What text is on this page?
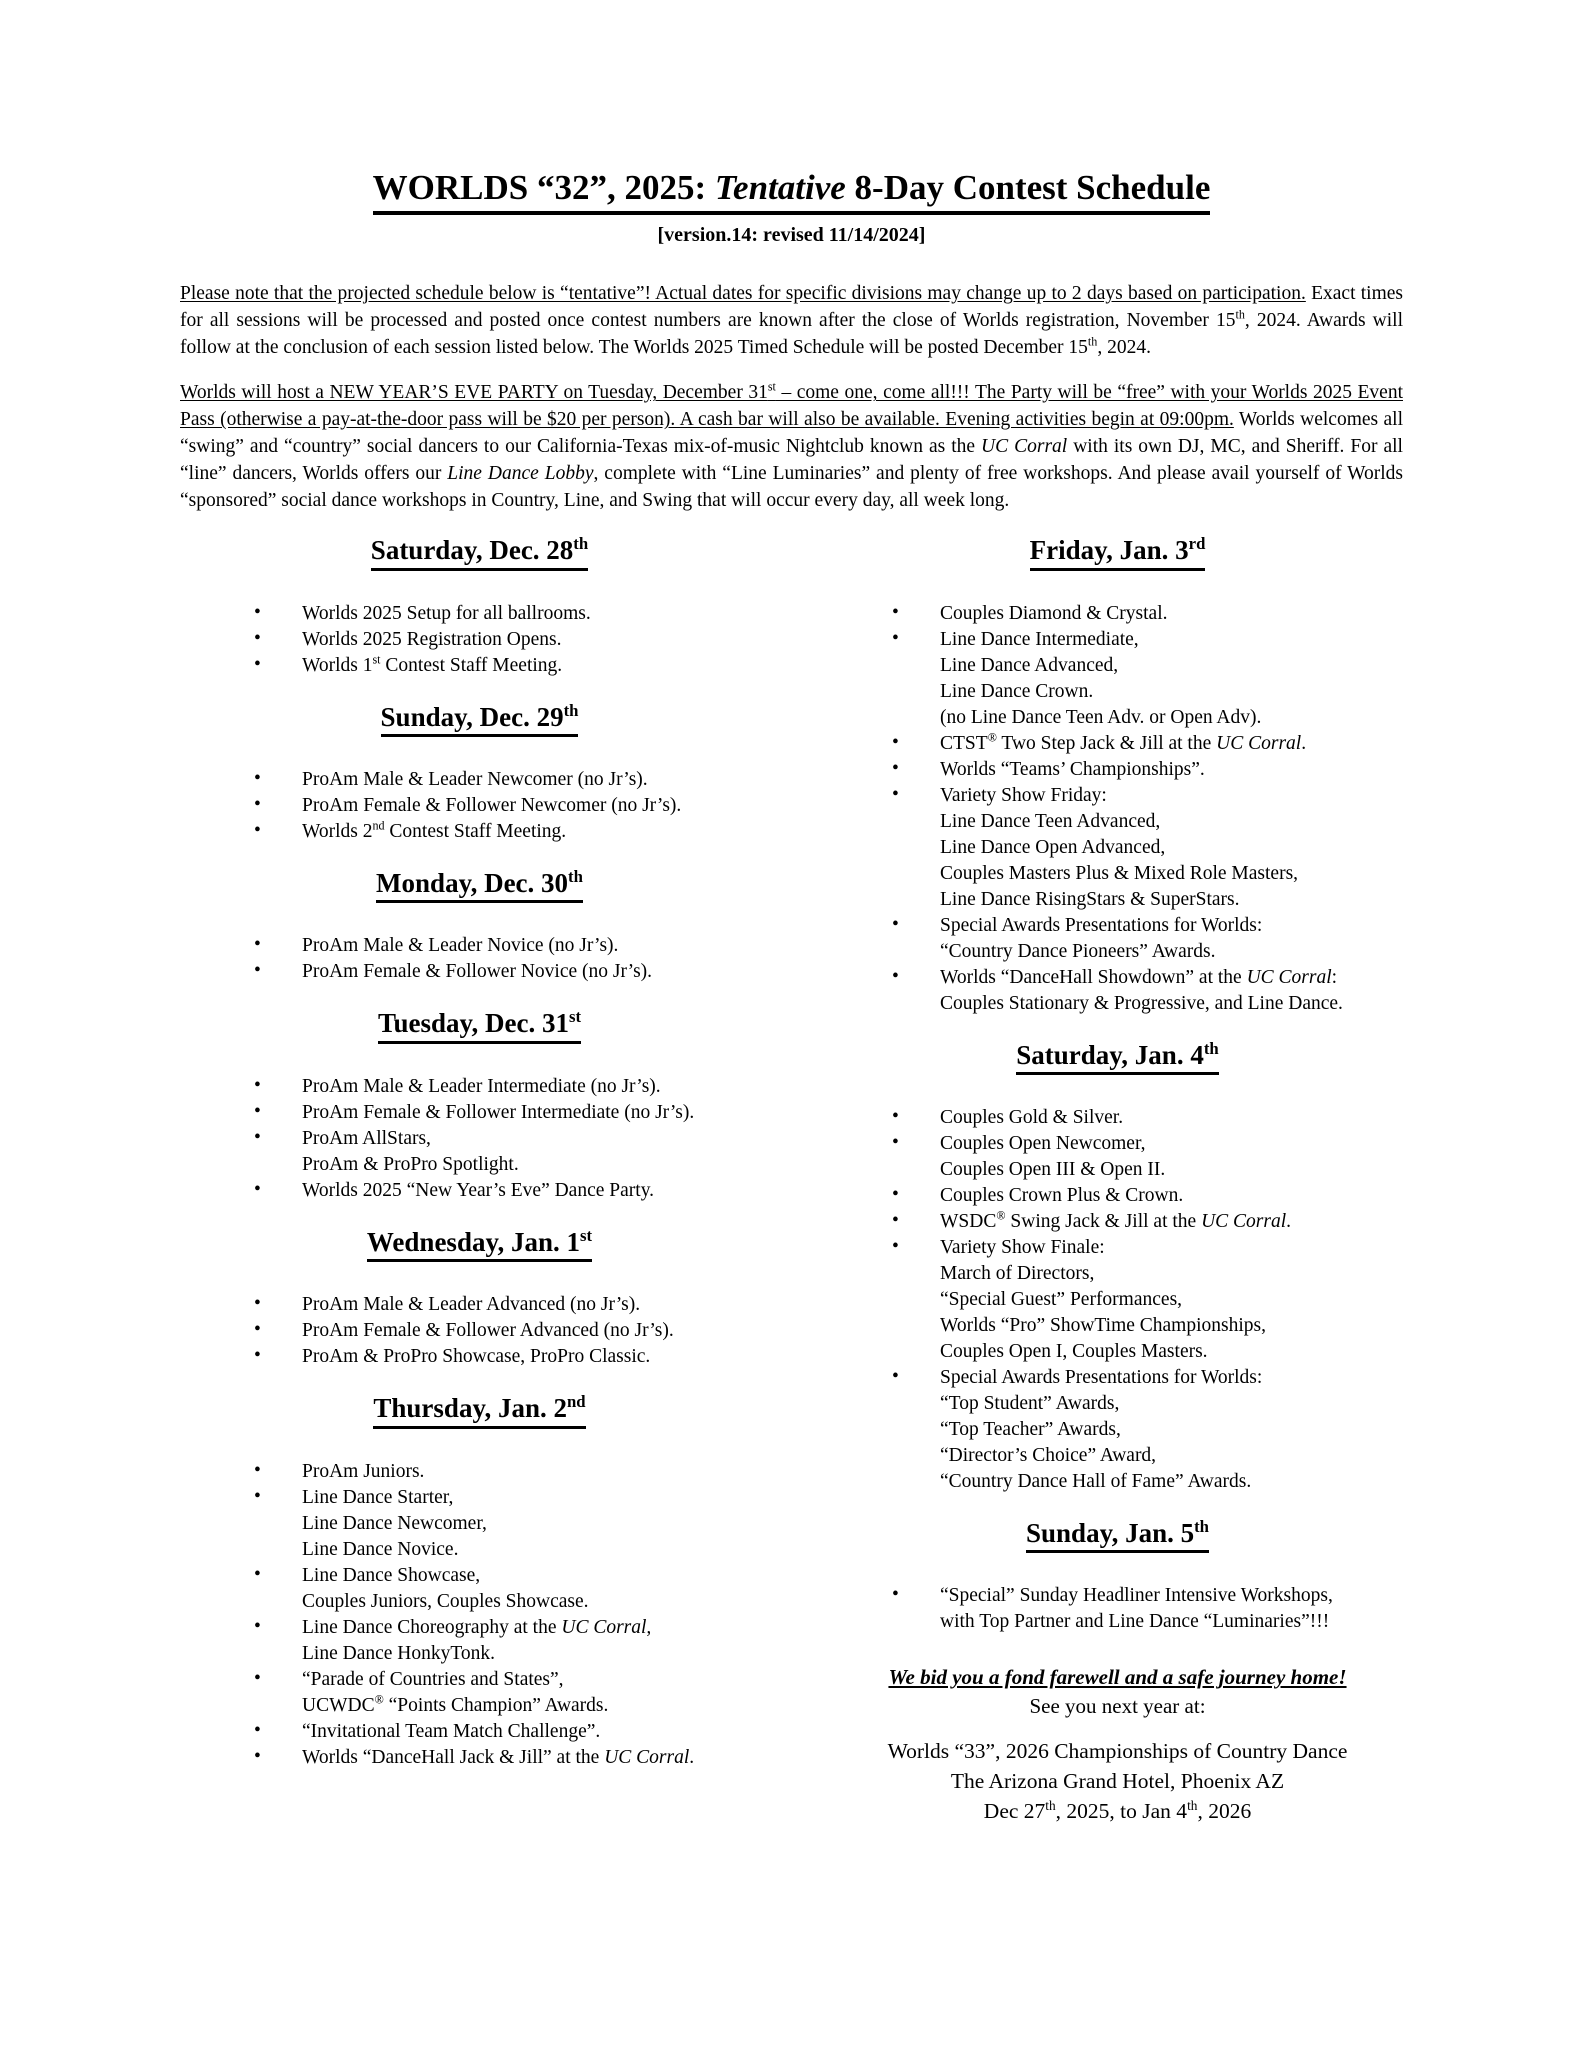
WORLDS “32”, 2025: Tentative 8-Day Contest Schedule
[version.14: revised 11/14/2024]

Please note that the projected schedule below is “tentative”! Actual dates for specific divisions may change up to 2 days based on participation. Exact times for all sessions will be processed and posted once contest numbers are known after the close of Worlds registration, November 15th, 2024. Awards will follow at the conclusion of each session listed below. The Worlds 2025 Timed Schedule will be posted December 15th, 2024.

Worlds will host a NEW YEAR’S EVE PARTY on Tuesday, December 31st – come one, come all!!! The Party will be “free” with your Worlds 2025 Event Pass (otherwise a pay-at-the-door pass will be $20 per person). A cash bar will also be available. Evening activities begin at 09:00pm. Worlds welcomes all “swing” and “country” social dancers to our California-Texas mix-of-music Nightclub known as the UC Corral with its own DJ, MC, and Sheriff. For all “line” dancers, Worlds offers our Line Dance Lobby, complete with “Line Luminaries” and plenty of free workshops. And please avail yourself of Worlds “sponsored” social dance workshops in Country, Line, and Swing that will occur every day, all week long.

Saturday, Dec. 28th
• Worlds 2025 Setup for all ballrooms.
• Worlds 2025 Registration Opens.
• Worlds 1st Contest Staff Meeting.
Sunday, Dec. 29th
• ProAm Male & Leader Newcomer (no Jr’s).
• ProAm Female & Follower Newcomer (no Jr’s).
• Worlds 2nd Contest Staff Meeting.
Monday, Dec. 30th
• ProAm Male & Leader Novice (no Jr’s).
• ProAm Female & Follower Novice (no Jr’s).
Tuesday, Dec. 31st
• ProAm Male & Leader Intermediate (no Jr’s).
• ProAm Female & Follower Intermediate (no Jr’s).
• ProAm AllStars,
ProAm & ProPro Spotlight.
• Worlds 2025 “New Year’s Eve” Dance Party.
Wednesday, Jan. 1st
• ProAm Male & Leader Advanced (no Jr’s).
• ProAm Female & Follower Advanced (no Jr’s).
• ProAm & ProPro Showcase, ProPro Classic.
Thursday, Jan. 2nd
• ProAm Juniors.
• Line Dance Starter,
Line Dance Newcomer,
Line Dance Novice.
• Line Dance Showcase,
Couples Juniors, Couples Showcase.
• Line Dance Choreography at the UC Corral,
Line Dance HonkyTonk.
• “Parade of Countries and States”,
UCWDC® “Points Champion” Awards.
• “Invitational Team Match Challenge”.
• Worlds “DanceHall Jack & Jill” at the UC Corral.
Friday, Jan. 3rd
• Couples Diamond & Crystal.
• Line Dance Intermediate,
Line Dance Advanced,
Line Dance Crown.
(no Line Dance Teen Adv. or Open Adv).
• CTST® Two Step Jack & Jill at the UC Corral.
• Worlds “Teams’ Championships”.
• Variety Show Friday:
Line Dance Teen Advanced,
Line Dance Open Advanced,
Couples Masters Plus & Mixed Role Masters,
Line Dance RisingStars & SuperStars.
• Special Awards Presentations for Worlds:
“Country Dance Pioneers” Awards.
• Worlds “DanceHall Showdown” at the UC Corral:
Couples Stationary & Progressive, and Line Dance.
Saturday, Jan. 4th
• Couples Gold & Silver.
• Couples Open Newcomer,
Couples Open III & Open II.
• Couples Crown Plus & Crown.
• WSDC® Swing Jack & Jill at the UC Corral.
• Variety Show Finale:
March of Directors,
“Special Guest” Performances,
Worlds “Pro” ShowTime Championships,
Couples Open I, Couples Masters.
• Special Awards Presentations for Worlds:
“Top Student” Awards,
“Top Teacher” Awards,
“Director’s Choice” Award,
“Country Dance Hall of Fame” Awards.
Sunday, Jan. 5th
• “Special” Sunday Headliner Intensive Workshops,
with Top Partner and Line Dance “Luminaries”!!!
We bid you a fond farewell and a safe journey home!
See you next year at:
Worlds “33”, 2026 Championships of Country Dance
The Arizona Grand Hotel, Phoenix AZ
Dec 27th, 2025, to Jan 4th, 2026
